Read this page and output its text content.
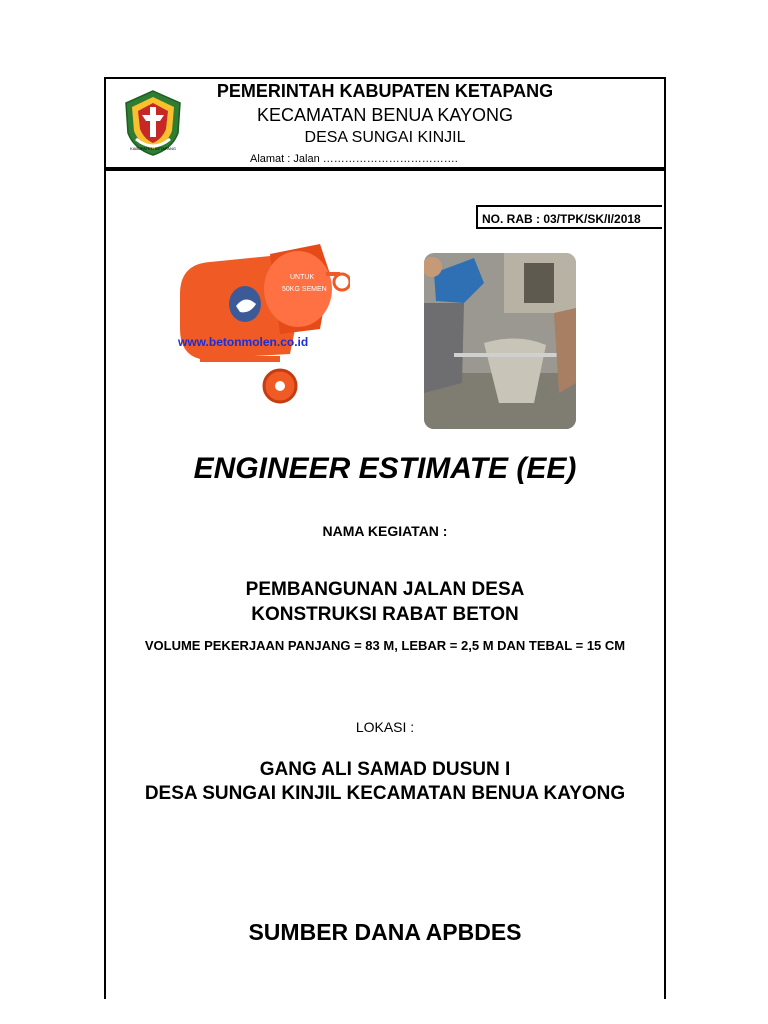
KABUPATEN KETAPANG
PEMERINTAH KABUPATEN KETAPANG
KECAMATAN BENUA KAYONG
DESA SUNGAI KINJIL
Alamat : Jalan ……………………………….
NO. RAB : 03/TPK/SK/I/2018
UNTUK
50KG SEMEN
www.betonmolen.co.id
ENGINEER ESTIMATE (EE)
NAMA KEGIATAN :
PEMBANGUNAN JALAN DESA
KONSTRUKSI RABAT BETON
VOLUME PEKERJAAN PANJANG = 83 M, LEBAR = 2,5 M DAN TEBAL = 15 CM
LOKASI :
GANG ALI SAMAD DUSUN I
DESA SUNGAI KINJIL KECAMATAN BENUA KAYONG
SUMBER DANA APBDES
